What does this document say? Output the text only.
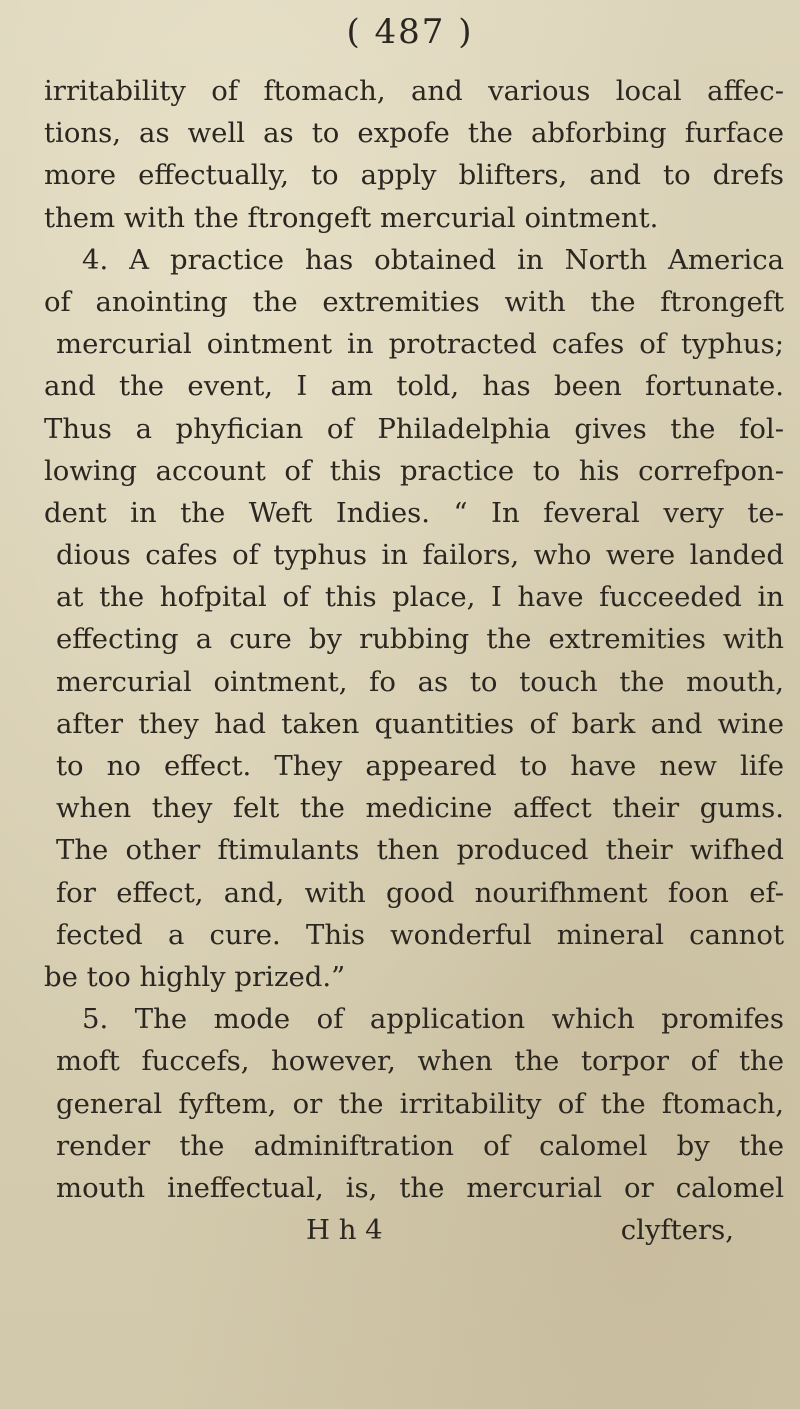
( 487 )
irritability of ftomach, and various local affec-
tions, as well as to expofe the abforbing furface
more effectually, to apply blifters, and to drefs
them with the ftrongeft mercurial ointment.
4. A practice has obtained in North America
of anointing the extremities with the ftrongeft
mercurial ointment in protracted cafes of typhus;
and the event, I am told, has been fortunate.
Thus a phyfician of Philadelphia gives the fol-
lowing account of this practice to his correfpon-
dent in the Weft Indies. “ In feveral very te-
dious cafes of typhus in failors, who were landed
at the hofpital of this place, I have fucceeded in
effecting a cure by rubbing the extremities with
mercurial ointment, fo as to touch the mouth,
after they had taken quantities of bark and wine
to no effect. They appeared to have new life
when they felt the medicine affect their gums.
The other ftimulants then produced their wifhed
for effect, and, with good nourifhment foon ef-
fected a cure. This wonderful mineral cannot
be too highly prized.”
5. The mode of application which promifes
moft fuccefs, however, when the torpor of the
general fyftem, or the irritability of the ftomach,
render the adminiftration of calomel by the
mouth ineffectual, is, the mercurial or calomel
H h 4	clyfters,
